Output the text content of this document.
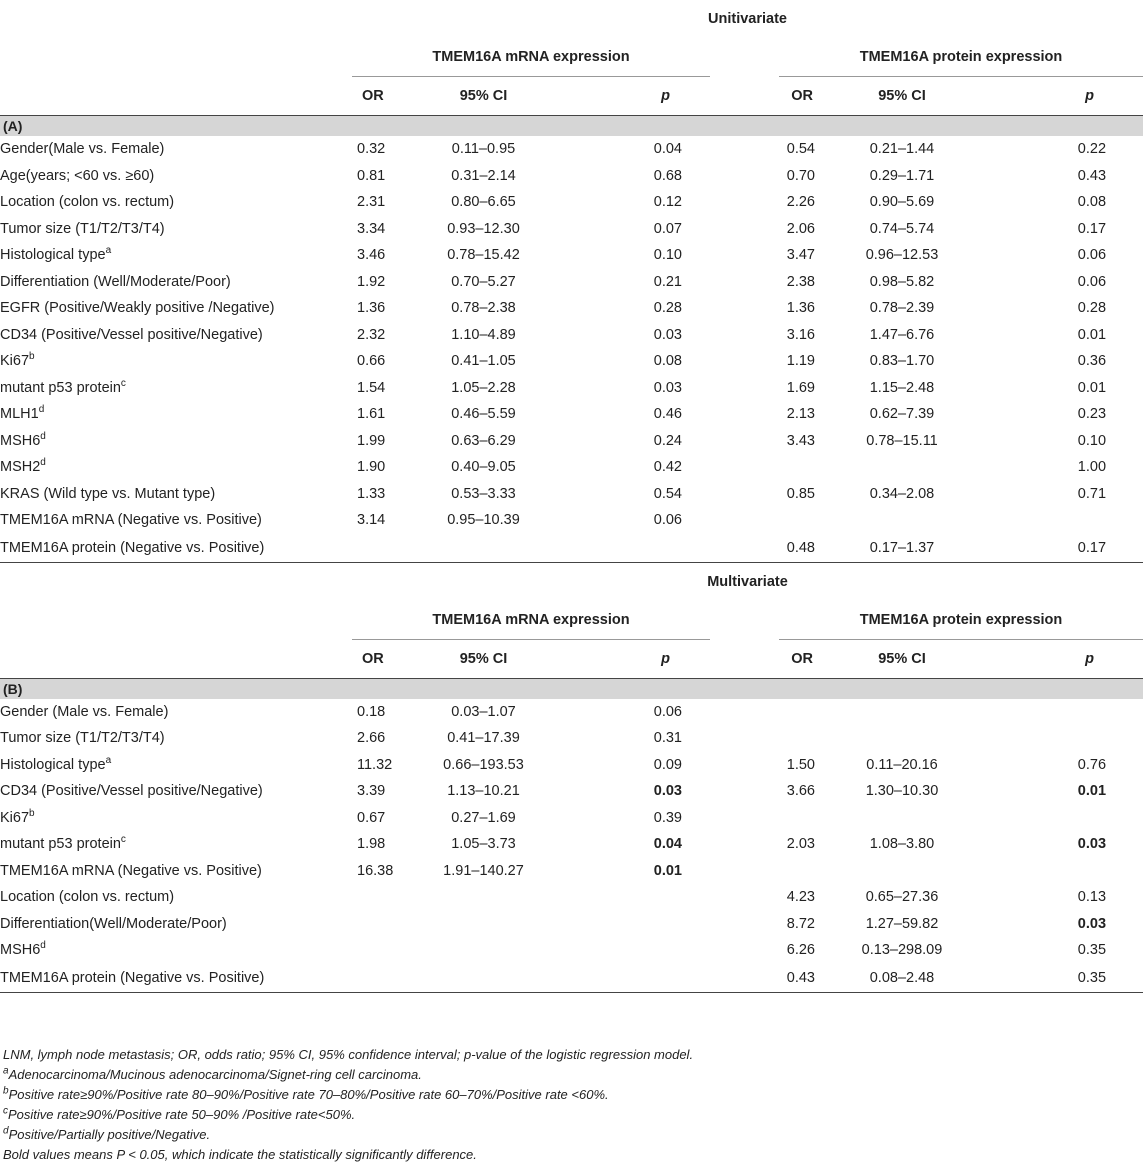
	Unitivariate						
	TMEM16A mRNA expression				TMEM16A protein expression		
	OR	95% CI	p	OR		95% CI	p
(A)							
Gender(Male vs. Female)	0.32	0.11–0.95	0.04	0.54		0.21–1.44	0.22
Age(years; <60 vs. ≥60)	0.81	0.31–2.14	0.68	0.70		0.29–1.71	0.43
Location (colon vs. rectum)	2.31	0.80–6.65	0.12	2.26		0.90–5.69	0.08
Tumor size (T1/T2/T3/T4)	3.34	0.93–12.30	0.07	2.06		0.74–5.74	0.17
Histological type$^a$	3.46	0.78–15.42	0.10	3.47		0.96–12.53	0.06
Differentiation (Well/Moderate/Poor)	1.92	0.70–5.27	0.21	2.38		0.98–5.82	0.06
EGFR (Positive/Weakly positive /Negative)	1.36	0.78–2.38	0.28	1.36		0.78–2.39	0.28
CD34 (Positive/Vessel positive/Negative)	2.32	1.10–4.89	0.03	3.16		1.47–6.76	0.01
Ki67$^b$	0.66	0.41–1.05	0.08	1.19		0.83–1.70	0.36
mutant p53 protein$^c$	1.54	1.05–2.28	0.03	1.69		1.15–2.48	0.01
MLH1$^d$	1.61	0.46–5.59	0.46	2.13		0.62–7.39	0.23
MSH6$^d$	1.99	0.63–6.29	0.24	3.43		0.78–15.11	0.10
MSH2$^d$	1.90	0.40–9.05	0.42				1.00
KRAS (Wild type vs. Mutant type)	1.33	0.53–3.33	0.54	0.85		0.34–2.08	0.71
TMEM16A mRNA (Negative vs. Positive)	3.14	0.95–10.39	0.06				
TMEM16A protein (Negative vs. Positive)				0.48		0.17–1.37	0.17
	Multivariate						
	TMEM16A mRNA expression				TMEM16A protein expression		
	OR	95% CI	p	OR		95% CI	p
(B)							
Gender (Male vs. Female)	0.18	0.03–1.07	0.06				
Tumor size (T1/T2/T3/T4)	2.66	0.41–17.39	0.31				
Histological type$^a$	11.32	0.66–193.53	0.09	1.50		0.11–20.16	0.76
CD34 (Positive/Vessel positive/Negative)	3.39	1.13–10.21	0.03	3.66		1.30–10.30	0.01
Ki67$^b$	0.67	0.27–1.69	0.39				
mutant p53 protein$^c$	1.98	1.05–3.73	0.04	2.03		1.08–3.80	0.03
TMEM16A mRNA (Negative vs. Positive)	16.38	1.91–140.27	0.01				
Location (colon vs. rectum)				4.23		0.65–27.36	0.13
Differentiation(Well/Moderate/Poor)				8.72		1.27–59.82	0.03
MSH6$^d$				6.26		0.13–298.09	0.35
TMEM16A protein (Negative vs. Positive)				0.43		0.08–2.48	0.35
LNM, lymph node metastasis; OR, odds ratio; 95% CI, 95% confidence interval; p-value of the logistic regression model.
$^a$Adenocarcinoma/Mucinous adenocarcinoma/Signet-ring cell carcinoma.
$^b$Positive rate≥90%/Positive rate 80–90%/Positive rate 70–80%/Positive rate 60–70%/Positive rate <60%.
$^c$Positive rate≥90%/Positive rate 50–90% /Positive rate<50%.
$^d$Positive/Partially positive/Negative.
Bold values means P < 0.05, which indicate the statistically significantly difference.
